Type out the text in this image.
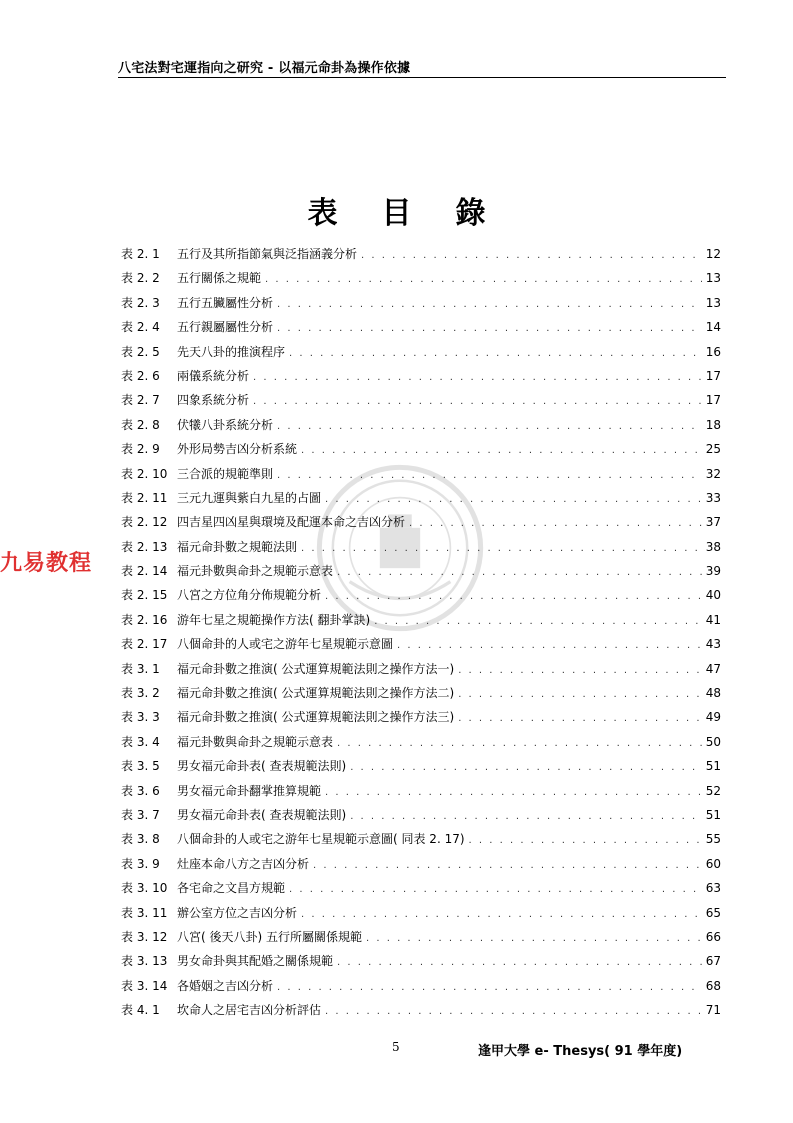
八宅法對宅運指向之研究 - 以福元命卦為操作依據
表目錄
表 2. 1	五行及其所指節氣與泛指涵義分析 . . .	12
表 2. 2	五行關係之規範 . . .	13
表 2. 3	五行五臟屬性分析 . . .	13
表 2. 4	五行親屬屬性分析 . . .	14
表 2. 5	先天八卦的推演程序 . . .	16
表 2. 6	兩儀系統分析 . . .	17
表 2. 7	四象系統分析 . . .	17
表 2. 8	伏犧八卦系統分析 . . .	18
表 2. 9	外形局勢吉凶分析系統 . . .	25
表 2. 10 三合派的規範準則 . . .	32
表 2. 11 三元九運與紫白九星的占圖 . . .	33
表 2. 12 四吉星四凶星與環境及配運本命之吉凶分析 . . .	37
表 2. 13 福元命卦數之規範法則 . . .	38
表 2. 14 福元卦數與命卦之規範示意表 . . .	39
表 2. 15 八宮之方位角分佈規範分析 . . .	40
表 2. 16 游年七星之規範操作方法( 翻卦掌訣) . . .	41
表 2. 17 八個命卦的人或宅之游年七星規範示意圖 . . .	43
表 3. 1	福元命卦數之推演( 公式運算規範法則之操作方法一) . . .	47
表 3. 2	福元命卦數之推演( 公式運算規範法則之操作方法二) . . .	48
表 3. 3	福元命卦數之推演( 公式運算規範法則之操作方法三) . . .	49
表 3. 4	福元卦數與命卦之規範示意表 . . .	50
表 3. 5	男女福元命卦表( 查表規範法則) . . .	51
表 3. 6	男女福元命卦翻掌推算規範 . . .	52
表 3. 7	男女福元命卦表( 查表規範法則) . . .	51
表 3. 8	八個命卦的人或宅之游年七星規範示意圖( 同表 2. 17) . . .	55
表 3. 9	灶座本命八方之吉凶分析 . . .	60
表 3. 10 各宅命之文昌方規範 . . .	63
表 3. 11 辦公室方位之吉凶分析 . . .	65
表 3. 12 八宮( 後天八卦) 五行所屬關係規範 . . .	66
表 3. 13 男女命卦與其配婚之關係規範 . . .	67
表 3. 14 各婚姻之吉凶分析 . . .	68
表 4. 1	坎命人之居宅吉凶分析評估 . . .	71
九易教程
5	逢甲大學 e- Thesys( 91 學年度)
